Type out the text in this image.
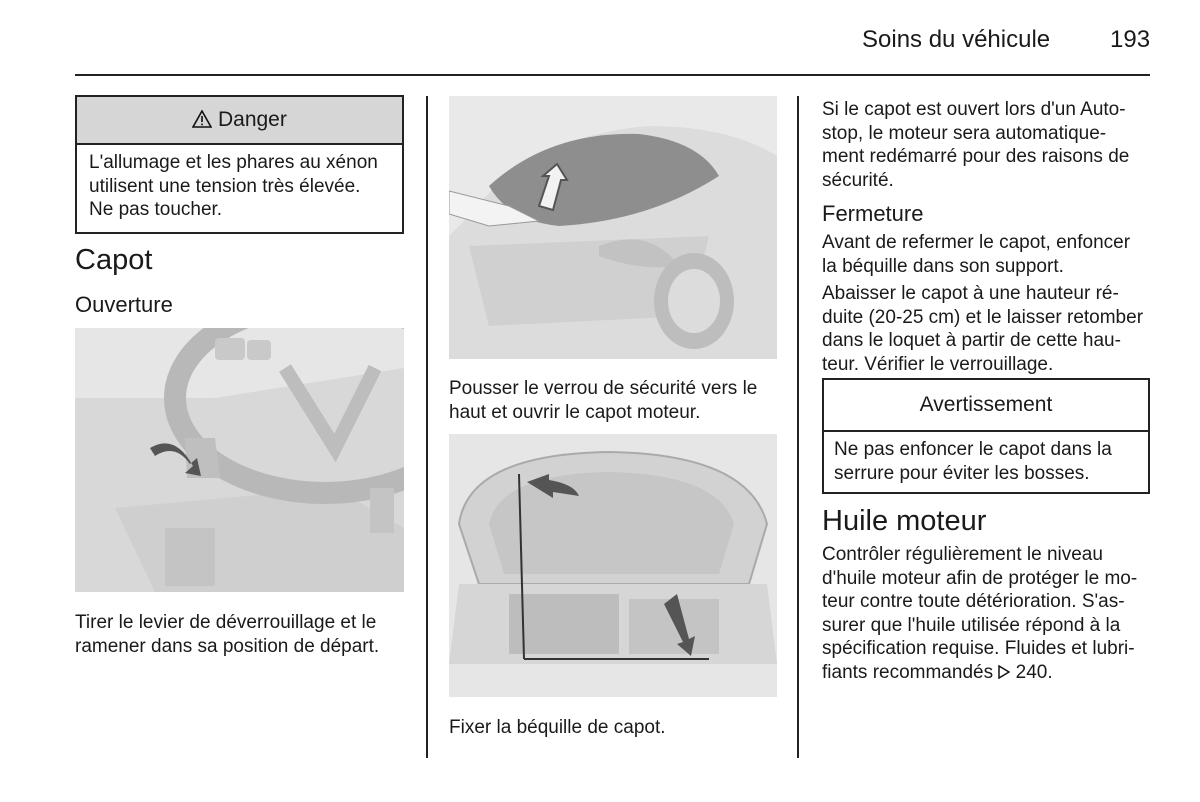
Soins du véhicule 193
Danger
L'allumage et les phares au xénon
utilisent une tension très élevée.
Ne pas toucher.
Capot
Ouverture
Tirer le levier de déverrouillage et le
ramener dans sa position de départ.
Pousser le verrou de sécurité vers le
haut et ouvrir le capot moteur.
Fixer la béquille de capot.
Si le capot est ouvert lors d'un Auto-
stop, le moteur sera automatique-
ment redémarré pour des raisons de
sécurité.
Fermeture
Avant de refermer le capot, enfoncer
la béquille dans son support.
Abaisser le capot à une hauteur ré-
duite (20-25 cm) et le laisser retomber
dans le loquet à partir de cette hau-
teur. Vérifier le verrouillage.
Avertissement
Ne pas enfoncer le capot dans la
serrure pour éviter les bosses.
Huile moteur
Contrôler régulièrement le niveau
d'huile moteur afin de protéger le mo-
teur contre toute détérioration. S'as-
surer que l'huile utilisée répond à la
spécification requise. Fluides et lubri-
fiants recommandés 240.
